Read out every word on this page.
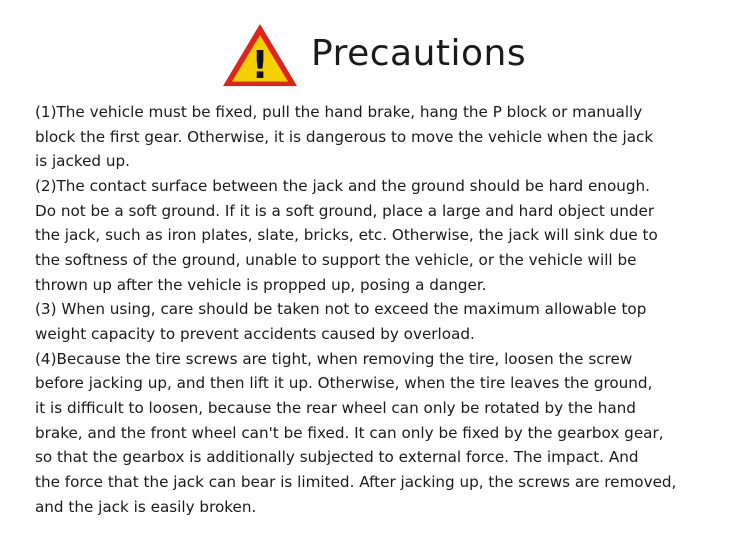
! Precautions
(1)The vehicle must be fixed, pull the hand brake, hang the P block or manually
block the first gear. Otherwise, it is dangerous to move the vehicle when the jack
is jacked up.
(2)The contact surface between the jack and the ground should be hard enough.
Do not be a soft ground. If it is a soft ground, place a large and hard object under
the jack, such as iron plates, slate, bricks, etc. Otherwise, the jack will sink due to
the softness of the ground, unable to support the vehicle, or the vehicle will be
thrown up after the vehicle is propped up, posing a danger.
(3) When using, care should be taken not to exceed the maximum allowable top
weight capacity to prevent accidents caused by overload.
(4)Because the tire screws are tight, when removing the tire, loosen the screw
before jacking up, and then lift it up. Otherwise, when the tire leaves the ground,
it is difficult to loosen, because the rear wheel can only be rotated by the hand
brake, and the front wheel can't be fixed. It can only be fixed by the gearbox gear,
so that the gearbox is additionally subjected to external force. The impact. And
the force that the jack can bear is limited. After jacking up, the screws are removed,
and the jack is easily broken.
